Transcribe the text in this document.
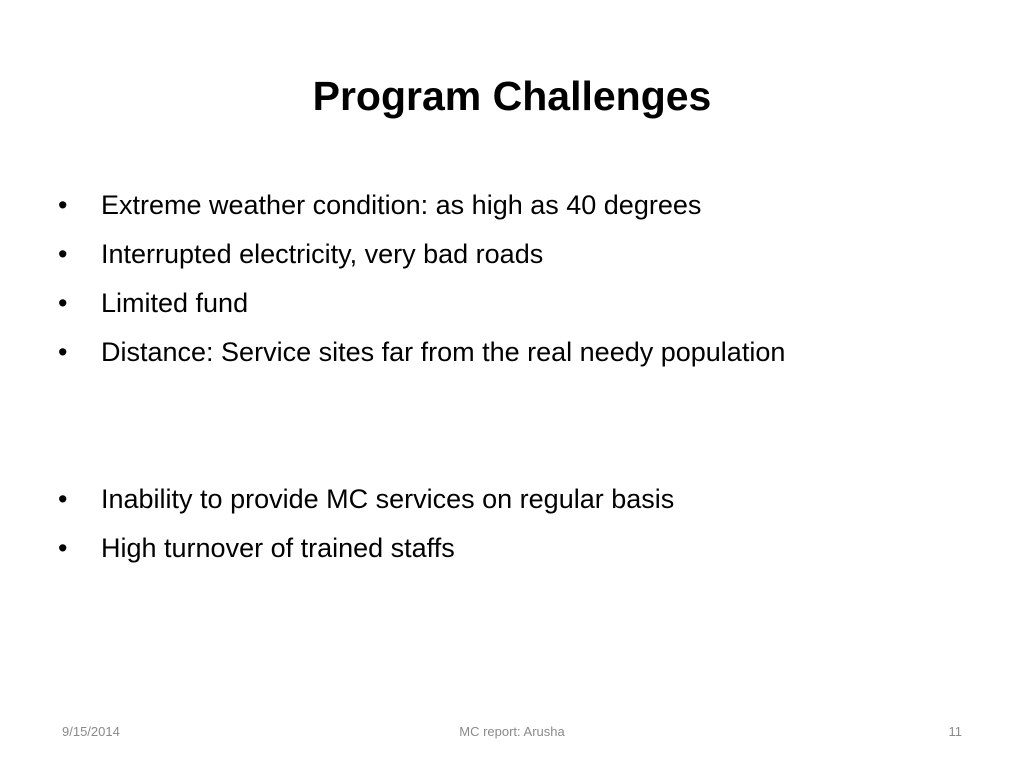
Program Challenges
•	Extreme weather condition: as high as 40 degrees
•	Interrupted electricity, very bad roads
•	Limited fund
•	Distance: Service sites far from the real needy population
•	Inability to provide MC services on regular basis
•	High turnover of trained staffs
9/15/2014	MC report: Arusha	11
